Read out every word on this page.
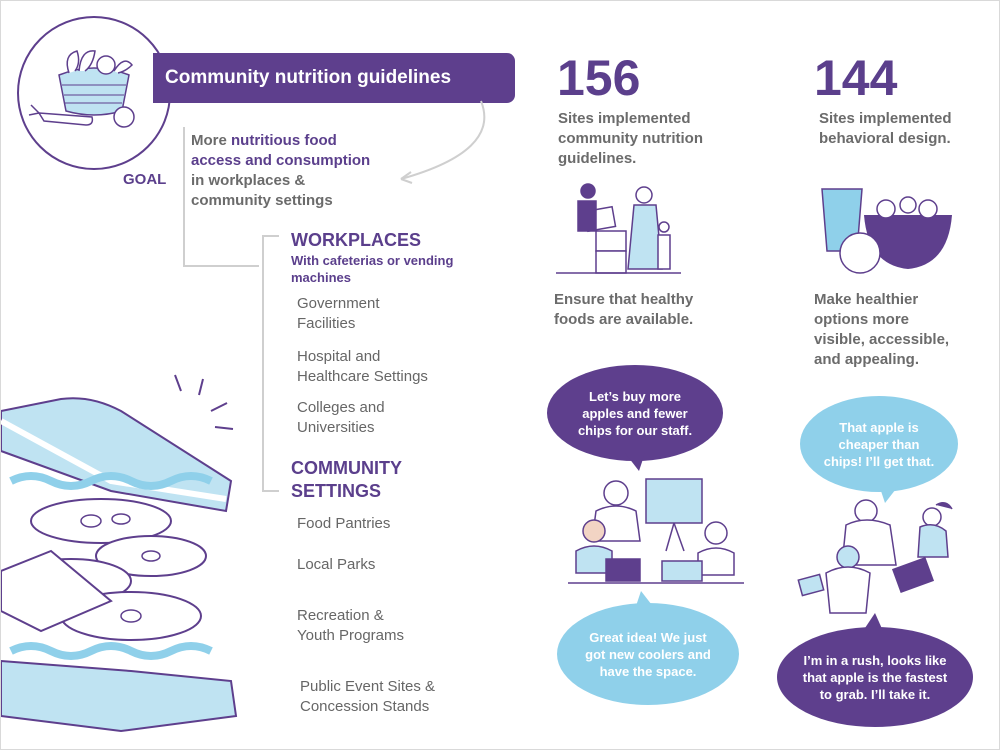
Community nutrition guidelines
GOAL
More nutritious food
access and consumption
in workplaces &
community settings
WORKPLACES
With cafeterias or vending
machines
Government
Facilities
Hospital and
Healthcare Settings
Colleges and
Universities
COMMUNITY
SETTINGS
Food Pantries
Local Parks
Recreation &
Youth Programs
Public Event Sites &
Concession Stands
156
Sites implemented
community nutrition
guidelines.
Ensure that healthy
foods are available.
144
Sites implemented
behavioral design.
Make healthier
options more
visible, accessible,
and appealing.
Let’s buy more
apples and fewer
chips for our staff.	That apple is
cheaper than
chips! I’ll get that.
Great idea! We just
got new coolers and
have the space.
I’m in a rush, looks like
that apple is the fastest
to grab. I’ll take it.
